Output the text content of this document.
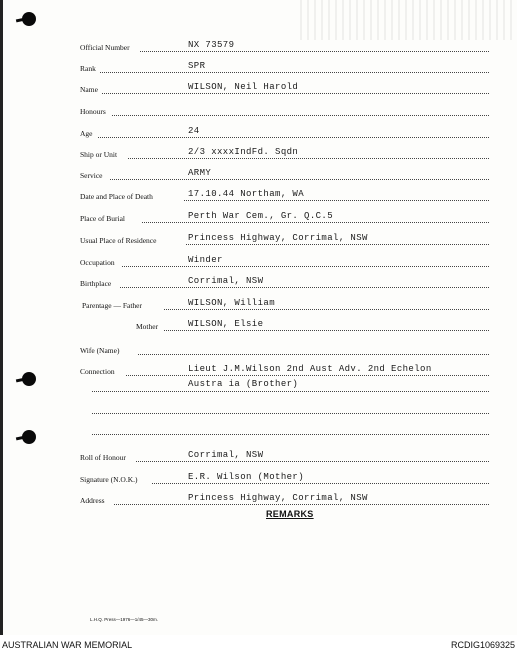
Official Number	NX 73579
Rank	SPR
Name	WILSON, Neil Harold
Honours
Age	24
Ship or Unit	2/3 xxxxIndFd. Sqdn
Service	ARMY
Date and Place of Death	17.10.44 Northam, WA
Place of Burial	Perth War Cem., Gr. Q.C.5
Usual Place of Residence	Princess Highway, Corrimal, NSW
Occupation	Winder
Birthplace	Corrimal, NSW
Parentage — Father	WILSON, William
Mother	WILSON, Elsie
Wife (Name)
Connection	Lieut J.M.Wilson 2nd Aust Adv. 2nd Echelon
Austra ia (Brother)
Roll of Honour	Corrimal, NSW
Signature (N.O.K.)	E.R. Wilson (Mother)
Address	Princess Highway, Corrimal, NSW
REMARKS
L.H.Q. Press—1976—1/45—30m.
AUSTRALIAN WAR MEMORIAL	RCDIG1069325
